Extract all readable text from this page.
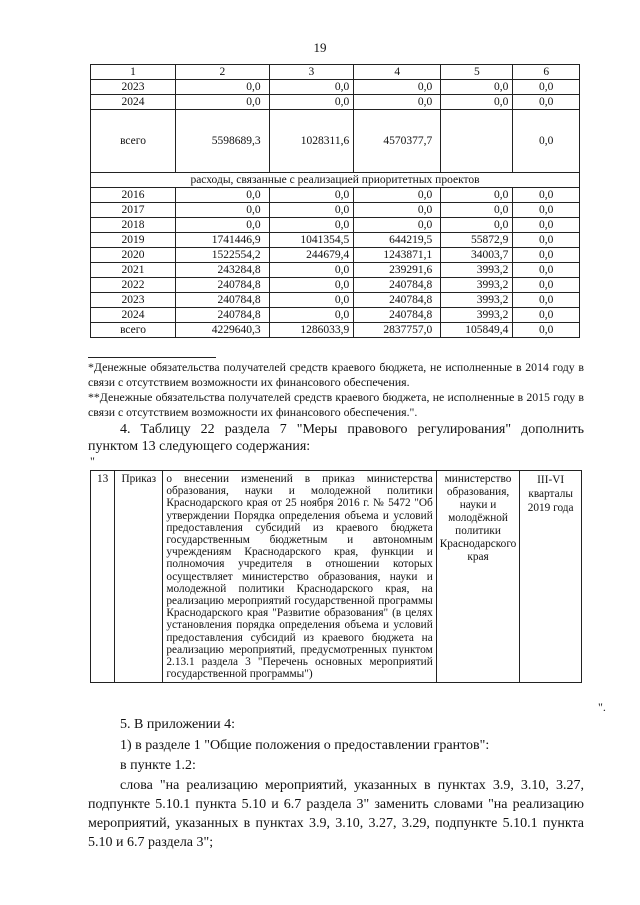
19
1	2	3	4	5	6
2023	0,0	0,0	0,0	0,0	0,0
2024	0,0	0,0	0,0	0,0	0,0
всего	5598689,3	1028311,6	4570377,7		0,0
расходы, связанные с реализацией приоритетных проектов					
2016	0,0	0,0	0,0	0,0	0,0
2017	0,0	0,0	0,0	0,0	0,0
2018	0,0	0,0	0,0	0,0	0,0
2019	1741446,9	1041354,5	644219,5	55872,9	0,0
2020	1522554,2	244679,4	1243871,1	34003,7	0,0
2021	243284,8	0,0	239291,6	3993,2	0,0
2022	240784,8	0,0	240784,8	3993,2	0,0
2023	240784,8	0,0	240784,8	3993,2	0,0
2024	240784,8	0,0	240784,8	3993,2	0,0
всего	4229640,3	1286033,9	2837757,0	105849,4	0,0
*Денежные обязательства получателей средств краевого бюджета, не исполненные в 2014 году в связи с отсутствием возможности их финансового обеспечения.
**Денежные обязательства получателей средств краевого бюджета, не исполненные в 2015 году в связи с отсутствием возможности их финансового обеспечения.".
4. Таблицу 22 раздела 7 "Меры правового регулирования" дополнить пунктом 13 следующего содержания:
"
13	Приказ	о внесении изменений в приказ министерства образования, науки и молодежной политики Краснодарского края от 25 ноября 2016 г. № 5472 "Об утверждении Порядка определения объема и условий предоставления субсидий из краевого бюджета государственным бюджетным и автономным учреждениям Краснодарского края, функции и полномочия учредителя в отношении которых осуществляет министерство образования, науки и молодежной политики Краснодарского края, на реализацию мероприятий государственной программы Краснодарского края "Развитие образования" (в целях установления порядка определения объема и условий предоставления субсидий из краевого бюджета на реализацию мероприятий, предусмотренных пунктом 2.13.1 раздела 3 "Перечень основных мероприятий государственной программы")	министерство образования, науки и молодёжной политики Краснодарского края	III-VI кварталы 2019 года
".
5. В приложении 4:
1) в разделе 1 "Общие положения о предоставлении грантов":
в пункте 1.2:
слова "на реализацию мероприятий, указанных в пунктах 3.9, 3.10, 3.27, подпункте 5.10.1 пункта 5.10 и 6.7 раздела 3" заменить словами "на реализацию мероприятий, указанных в пунктах 3.9, 3.10, 3.27, 3.29, подпункте 5.10.1 пункта 5.10 и 6.7 раздела 3";
